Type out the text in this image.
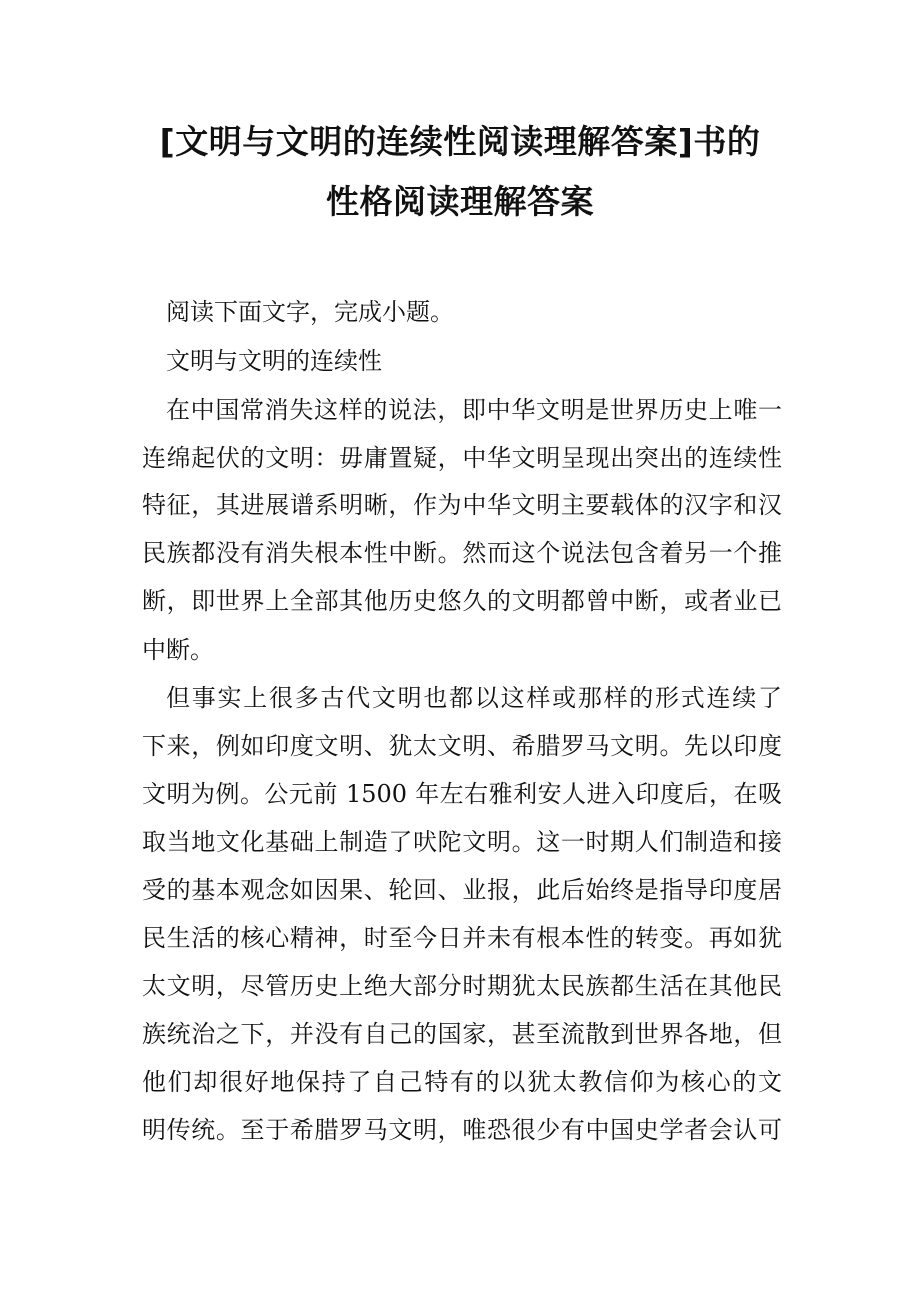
[文明与文明的连续性阅读理解答案]书的
性格阅读理解答案
阅读下面文字，完成小题。
文明与文明的连续性
在中国常消失这样的说法，即中华文明是世界历史上唯一
连绵起伏的文明：毋庸置疑，中华文明呈现出突出的连续性
特征，其进展谱系明晰，作为中华文明主要载体的汉字和汉
民族都没有消失根本性中断。然而这个说法包含着另一个推
断，即世界上全部其他历史悠久的文明都曾中断，或者业已
中断。
但事实上很多古代文明也都以这样或那样的形式连续了
下来，例如印度文明、犹太文明、希腊罗马文明。先以印度
文明为例。公元前 1500 年左右雅利安人进入印度后，在吸
取当地文化基础上制造了吠陀文明。这一时期人们制造和接
受的基本观念如因果、轮回、业报，此后始终是指导印度居
民生活的核心精神，时至今日并未有根本性的转变。再如犹
太文明，尽管历史上绝大部分时期犹太民族都生活在其他民
族统治之下，并没有自己的国家，甚至流散到世界各地，但
他们却很好地保持了自己特有的以犹太教信仰为核心的文
明传统。至于希腊罗马文明，唯恐很少有中国史学者会认可
